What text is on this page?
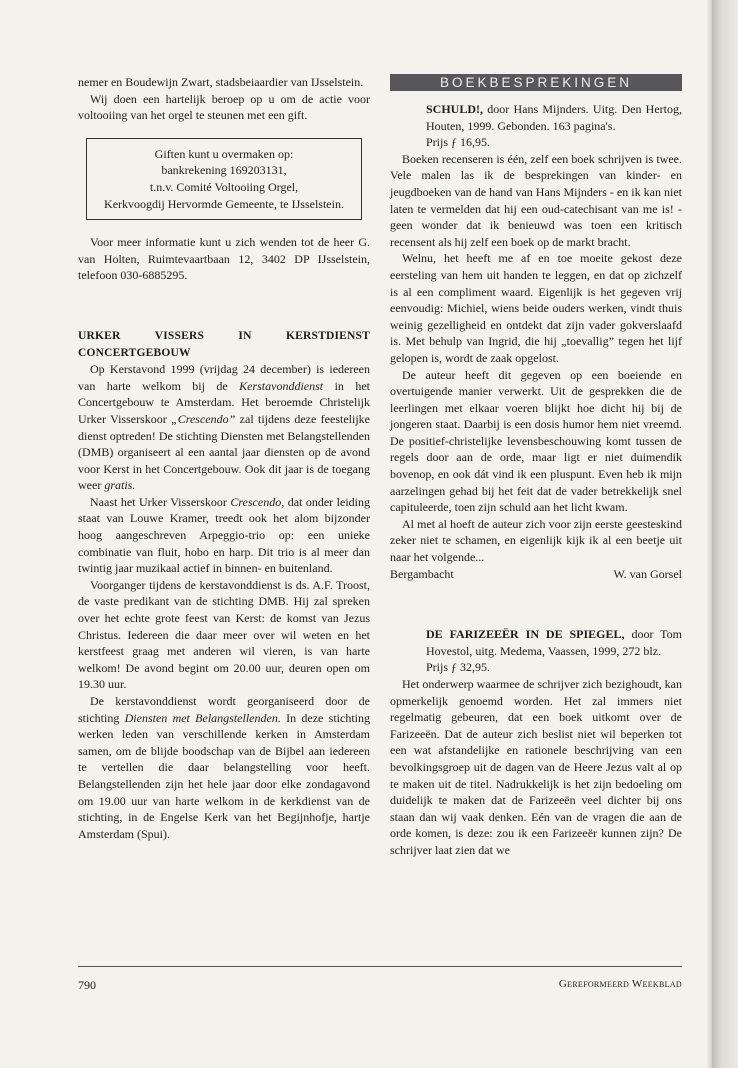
nemer en Boudewijn Zwart, stadsbeiaardier van IJsselstein.

Wij doen een hartelijk beroep op u om de actie voor voltooiing van het orgel te steunen met een gift.

Giften kunt u overmaken op:
bankrekening 169203131,
t.n.v. Comité Voltooiing Orgel,
Kerkvoogdij Hervormde Gemeente, te IJsselstein.

Voor meer informatie kunt u zich wenden tot de heer G. van Holten, Ruimtevaartbaan 12, 3402 DP IJsselstein, telefoon 030-6885295.

URKER VISSERS IN KERSTDIENST CONCERTGEBOUW

Op Kerstavond 1999 (vrijdag 24 december) is iedereen van harte welkom bij de Kerstavonddienst in het Concertgebouw te Amsterdam. Het beroemde Christelijk Urker Visserskoor „Crescendo” zal tijdens deze feestelijke dienst optreden! De stichting Diensten met Belangstellenden (DMB) organiseert al een aantal jaar diensten op de avond voor Kerst in het Concertgebouw. Ook dit jaar is de toegang weer gratis.

Naast het Urker Visserskoor Crescendo, dat onder leiding staat van Louwe Kramer, treedt ook het alom bijzonder hoog aangeschreven Arpeggio-trio op: een unieke combinatie van fluit, hobo en harp. Dit trio is al meer dan twintig jaar muzikaal actief in binnen- en buitenland.

Voorganger tijdens de kerstavonddienst is ds. A.F. Troost, de vaste predikant van de stichting DMB. Hij zal spreken over het echte grote feest van Kerst: de komst van Jezus Christus. Iedereen die daar meer over wil weten en het kerstfeest graag met anderen wil vieren, is van harte welkom! De avond begint om 20.00 uur, deuren open om 19.30 uur.

De kerstavonddienst wordt georganiseerd door de stichting Diensten met Belangstellenden. In deze stichting werken leden van verschillende kerken in Amsterdam samen, om de blijde boodschap van de Bijbel aan iedereen te vertellen die daar belangstelling voor heeft. Belangstellenden zijn het hele jaar door elke zondagavond om 19.00 uur van harte welkom in de kerkdienst van de stichting, in de Engelse Kerk van het Begijnhofje, hartje Amsterdam (Spui).

BOEKBESPREKINGEN

SCHULD!, door Hans Mijnders. Uitg. Den Hertog, Houten, 1999. Gebonden. 163 pagina's.
Prijs ƒ 16,95.

Boeken recenseren is één, zelf een boek schrijven is twee. Vele malen las ik de besprekingen van kinder- en jeugdboeken van de hand van Hans Mijnders - en ik kan niet laten te vermelden dat hij een oud-catechisant van me is! - geen wonder dat ik benieuwd was toen een kritisch recensent als hij zelf een boek op de markt bracht.

Welnu, het heeft me af en toe moeite gekost deze eersteling van hem uit handen te leggen, en dat op zichzelf is al een compliment waard. Eigenlijk is het gegeven vrij eenvoudig: Michiel, wiens beide ouders werken, vindt thuis weinig gezelligheid en ontdekt dat zijn vader gokverslaafd is. Met behulp van Ingrid, die hij „toevallig” tegen het lijf gelopen is, wordt de zaak opgelost.

De auteur heeft dit gegeven op een boeiende en overtuigende manier verwerkt. Uit de gesprekken die de leerlingen met elkaar voeren blijkt hoe dicht hij bij de jongeren staat. Daarbij is een dosis humor hem niet vreemd. De positief-christelijke levensbeschouwing komt tussen de regels door aan de orde, maar ligt er niet duimendik bovenop, en ook dát vind ik een pluspunt. Even heb ik mijn aarzelingen gehad bij het feit dat de vader betrekkelijk snel capituleerde, toen zijn schuld aan het licht kwam.

Al met al hoeft de auteur zich voor zijn eerste geesteskind zeker niet te schamen, en eigenlijk kijk ik al een beetje uit naar het volgende...

Bergambacht	W. van Gorsel

DE FARIZEEËR IN DE SPIEGEL, door Tom Hovestol, uitg. Medema, Vaassen, 1999, 272 blz.
Prijs ƒ 32,95.

Het onderwerp waarmee de schrijver zich bezighoudt, kan opmerkelijk genoemd worden. Het zal immers niet regelmatig gebeuren, dat een boek uitkomt over de Farizeeën. Dat de auteur zich beslist niet wil beperken tot een wat afstandelijke en rationele beschrijving van een bevolkingsgroep uit de dagen van de Heere Jezus valt al op te maken uit de titel. Nadrukkelijk is het zijn bedoeling om duidelijk te maken dat de Farizeeën veel dichter bij ons staan dan wij vaak denken. Eén van de vragen die aan de orde komen, is deze: zou ik een Farizeeër kunnen zijn? De schrijver laat zien dat we

790	Gereformeerd Weekblad
